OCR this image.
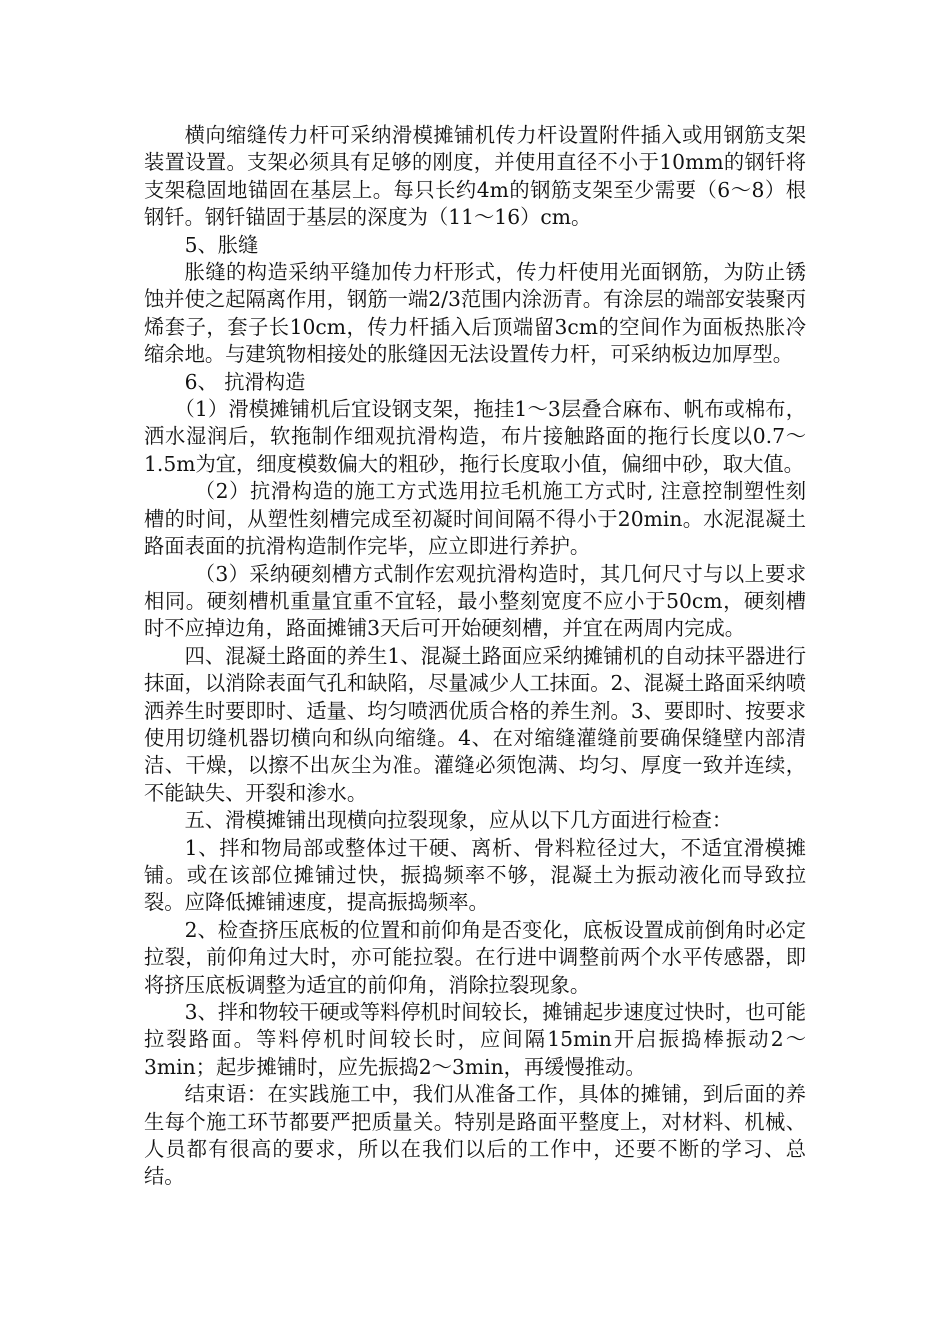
横向缩缝传力杆可采纳滑模摊铺机传力杆设置附件插入或用钢筋支架装置设置。支架必须具有足够的刚度，并使用直径不小于10mm的钢钎将支架稳固地锚固在基层上。每只长约4m的钢筋支架至少需要（6～8）根钢钎。钢钎锚固于基层的深度为（11～16）cm。

5、胀缝

胀缝的构造采纳平缝加传力杆形式，传力杆使用光面钢筋，为防止锈蚀并使之起隔离作用，钢筋一端2/3范围内涂沥青。有涂层的端部安装聚丙烯套子，套子长10cm，传力杆插入后顶端留3cm的空间作为面板热胀冷缩余地。与建筑物相接处的胀缝因无法设置传力杆，可采纳板边加厚型。

6、 抗滑构造

（1）滑模摊铺机后宜设钢支架，拖挂1～3层叠合麻布、帆布或棉布，洒水湿润后，软拖制作细观抗滑构造，布片接触路面的拖行长度以0.7～1.5m为宜，细度模数偏大的粗砂，拖行长度取小值，偏细中砂，取大值。

（2）抗滑构造的施工方式选用拉毛机施工方式时, 注意控制塑性刻槽的时间，从塑性刻槽完成至初凝时间间隔不得小于20min。水泥混凝土路面表面的抗滑构造制作完毕，应立即进行养护。

（3）采纳硬刻槽方式制作宏观抗滑构造时，其几何尺寸与以上要求相同。硬刻槽机重量宜重不宜轻，最小整刻宽度不应小于50cm，硬刻槽时不应掉边角，路面摊铺3天后可开始硬刻槽，并宜在两周内完成。

四、混凝土路面的养生1、混凝土路面应采纳摊铺机的自动抹平器进行抹面，以消除表面气孔和缺陷，尽量减少人工抹面。2、混凝土路面采纳喷洒养生时要即时、适量、均匀喷洒优质合格的养生剂。3、要即时、按要求使用切缝机器切横向和纵向缩缝。4、在对缩缝灌缝前要确保缝壁内部清洁、干燥，以擦不出灰尘为准。灌缝必须饱满、均匀、厚度一致并连续，不能缺失、开裂和渗水。

五、滑模摊铺出现横向拉裂现象，应从以下几方面进行检查：

1、拌和物局部或整体过干硬、离析、骨料粒径过大，不适宜滑模摊铺。或在该部位摊铺过快，振捣频率不够，混凝土为振动液化而导致拉裂。应降低摊铺速度，提高振捣频率。

2、检查挤压底板的位置和前仰角是否变化，底板设置成前倒角时必定拉裂，前仰角过大时，亦可能拉裂。在行进中调整前两个水平传感器，即将挤压底板调整为适宜的前仰角，消除拉裂现象。

3、拌和物较干硬或等料停机时间较长，摊铺起步速度过快时，也可能拉裂路面。等料停机时间较长时，应间隔15min开启振捣棒振动2～3min；起步摊铺时，应先振捣2～3min，再缓慢推动。

结束语：在实践施工中，我们从准备工作，具体的摊铺，到后面的养生每个施工环节都要严把质量关。特别是路面平整度上，对材料、机械、人员都有很高的要求，所以在我们以后的工作中，还要不断的学习、总结。
